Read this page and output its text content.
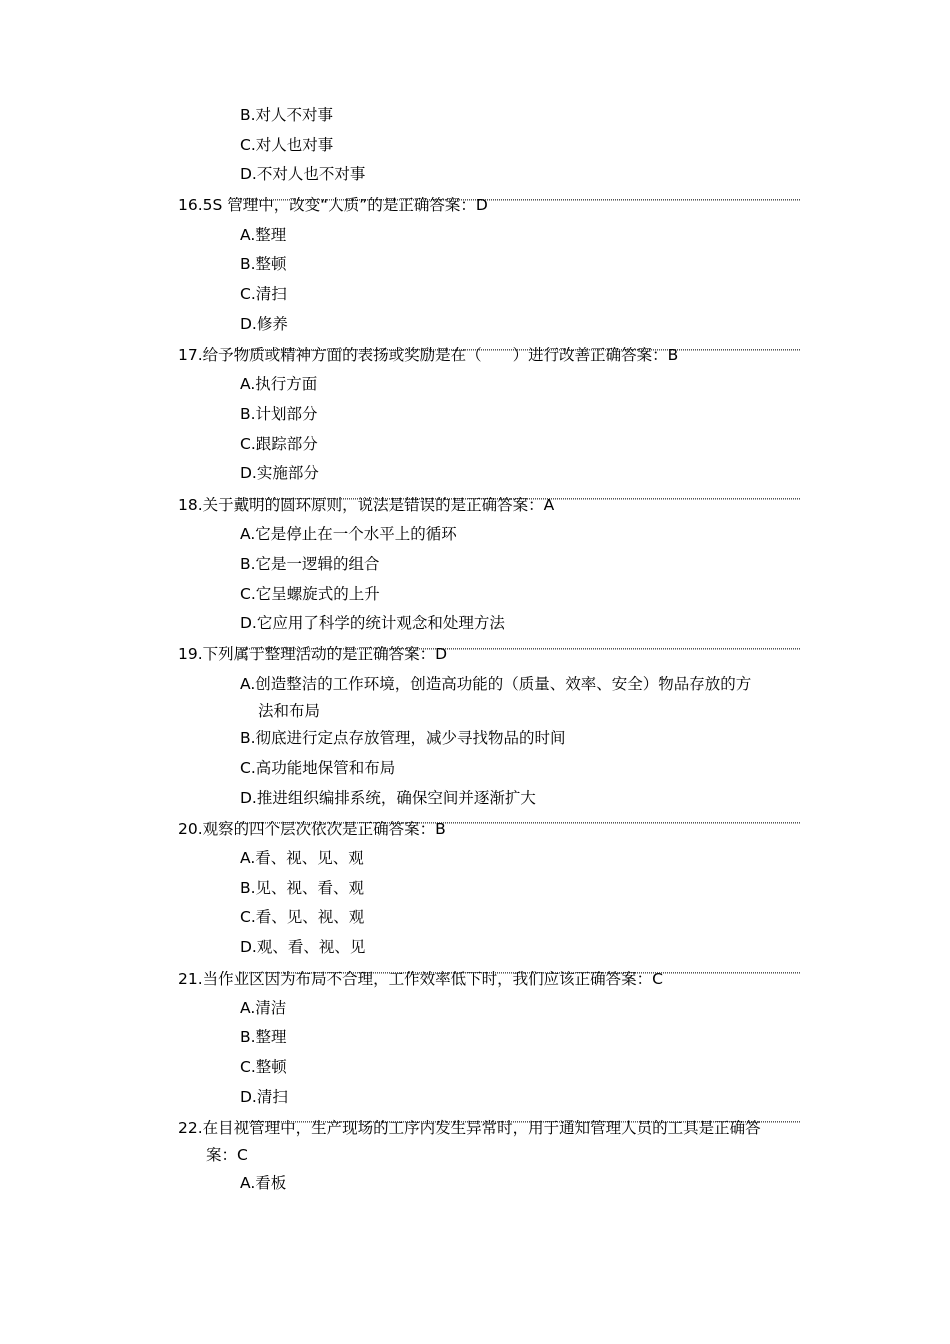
B.对人不对事
C.对人也对事
D.不对人也不对事
16.5S 管理中，改变“人质”的是正确答案：D
A.整理
B.整顿
C.清扫
D.修养
17.给予物质或精神方面的表扬或奖励是在（　　）进行改善正确答案：B
A.执行方面
B.计划部分
C.跟踪部分
D.实施部分
18.关于戴明的圆环原则，说法是错误的是正确答案：A
A.它是停止在一个水平上的循环
B.它是一逻辑的组合
C.它呈螺旋式的上升
D.它应用了科学的统计观念和处理方法
19.下列属于整理活动的是正确答案：D
A.创造整洁的工作环境，创造高功能的（质量、效率、安全）物品存放的方
法和布局
B.彻底进行定点存放管理，减少寻找物品的时间
C.高功能地保管和布局
D.推进组织编排系统，确保空间并逐渐扩大
20.观察的四个层次依次是正确答案：B
A.看、视、见、观
B.见、视、看、观
C.看、见、视、观
D.观、看、视、见
21.当作业区因为布局不合理，工作效率低下时，我们应该正确答案：C
A.清洁
B.整理
C.整顿
D.清扫
22.在目视管理中，生产现场的工序内发生异常时，用于通知管理人员的工具是正确答
案：C
A.看板
